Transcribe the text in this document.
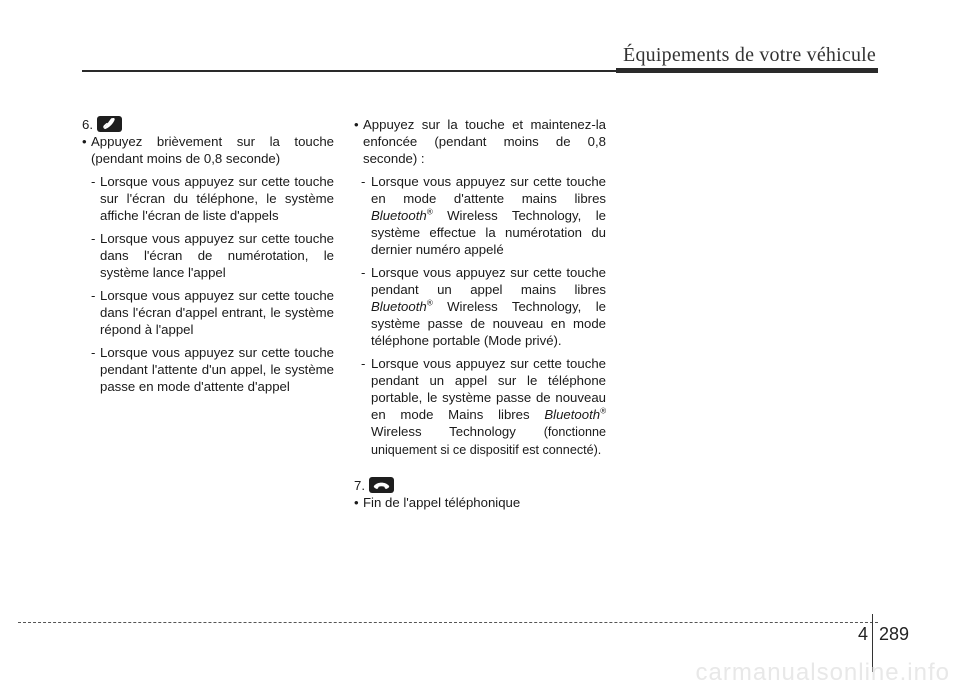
Équipements de votre véhicule
6.
• Appuyez brièvement sur la touche (pendant moins de 0,8 seconde)
- Lorsque vous appuyez sur cette touche sur l'écran du téléphone, le système affiche l'écran de liste d'appels
- Lorsque vous appuyez sur cette touche dans l'écran de numérotation, le système lance l'appel
- Lorsque vous appuyez sur cette touche dans l'écran d'appel entrant, le système répond à l'appel
- Lorsque vous appuyez sur cette touche pendant l'attente d'un appel, le système passe en mode d'attente d'appel
• Appuyez sur la touche et maintenez-la enfoncée (pendant moins de 0,8 seconde) :
- Lorsque vous appuyez sur cette touche en mode d'attente mains libres Bluetooth® Wireless Technology, le système effectue la numérotation du dernier numéro appelé
- Lorsque vous appuyez sur cette touche pendant un appel mains libres Bluetooth® Wireless Technology, le système passe de nouveau en mode téléphone portable (Mode privé).
- Lorsque vous appuyez sur cette touche pendant un appel sur le téléphone portable, le système passe de nouveau en mode Mains libres Bluetooth® Wireless Technology (fonctionne uniquement si ce dispositif est connecté).
7.
• Fin de l'appel téléphonique
4 289
carmanualsonline.info
